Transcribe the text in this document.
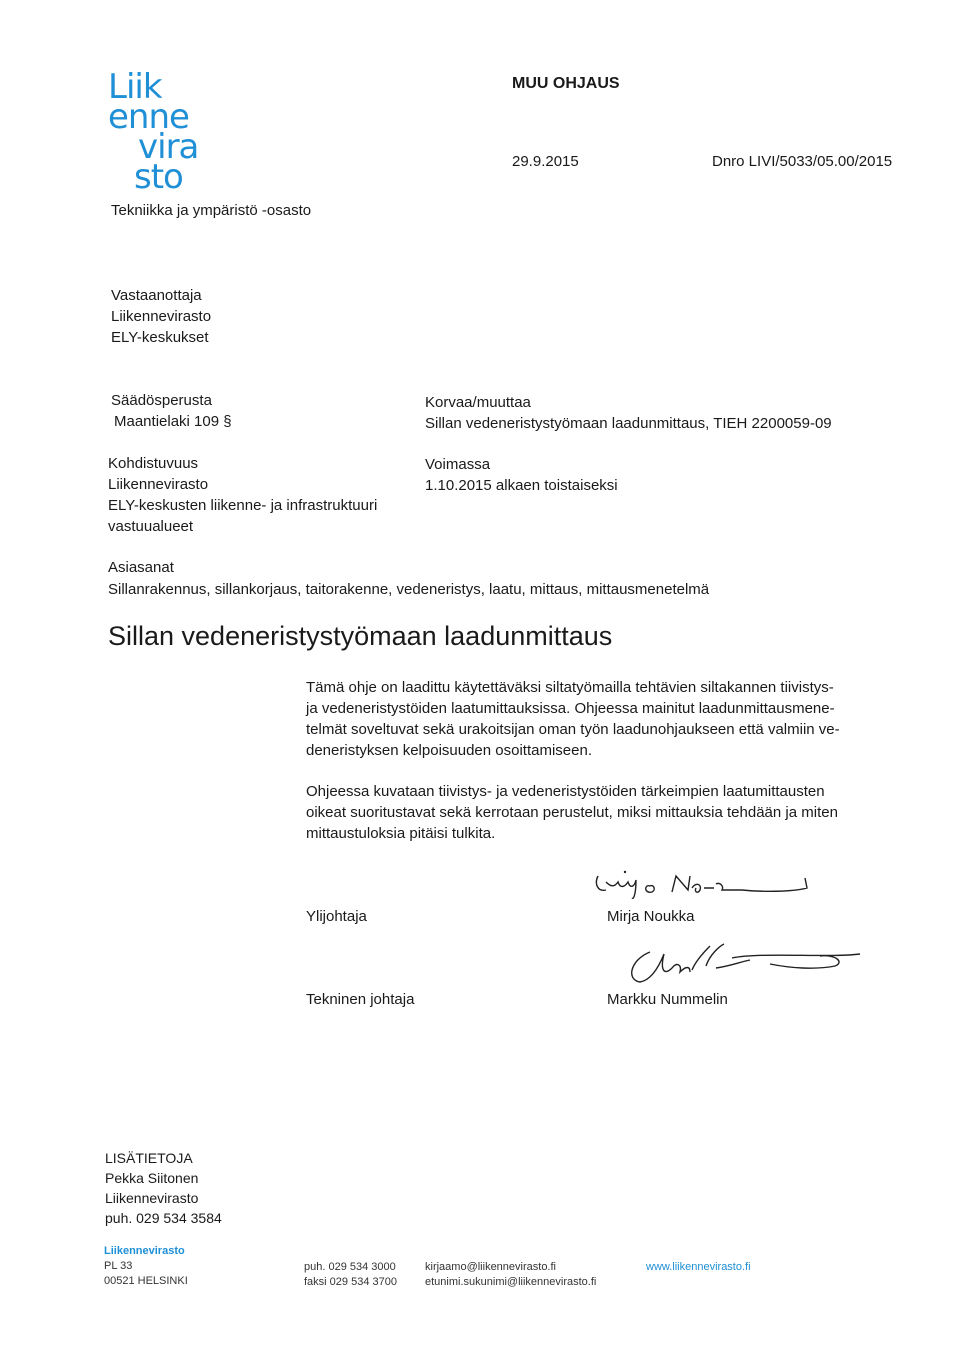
Liik
enne
vira
sto
MUU OHJAUS
29.9.2015	Dnro LIVI/5033/05.00/2015
Tekniikka ja ympäristö -osasto
Vastaanottaja
Liikennevirasto
ELY-keskukset
Säädösperusta
Maantielaki 109 §
Kohdistuvuus
Liikennevirasto
ELY-keskusten liikenne- ja infrastruktuuri
vastuualueet
Korvaa/muuttaa
Sillan vedeneristystyömaan laadunmittaus, TIEH 2200059-09
Voimassa
1.10.2015 alkaen toistaiseksi
Asiasanat
Sillanrakennus, sillankorjaus, taitorakenne, vedeneristys, laatu, mittaus, mittausmenetelmä
Sillan vedeneristystyömaan laadunmittaus
Tämä ohje on laadittu käytettäväksi siltatyömailla tehtävien siltakannen tiivistys-
ja vedeneristystöiden laatumittauksissa. Ohjeessa mainitut laadunmittausmene-
telmät soveltuvat sekä urakoitsijan oman työn laadunohjaukseen että valmiin ve-
deneristyksen kelpoisuuden osoittamiseen.
Ohjeessa kuvataan tiivistys- ja vedeneristystöiden tärkeimpien laatumittausten
oikeat suoritustavat sekä kerrotaan perustelut, miksi mittauksia tehdään ja miten
mittaustuloksia pitäisi tulkita.
Ylijohtaja	Mirja Noukka
Tekninen johtaja	Markku Nummelin
LISÄTIETOJA
Pekka Siitonen
Liikennevirasto
puh. 029 534 3584
Liikennevirasto
PL 33
00521 HELSINKI
puh. 029 534 3000
faksi 029 534 3700
kirjaamo@liikennevirasto.fi
etunimi.sukunimi@liikennevirasto.fi
www.liikennevirasto.fi
